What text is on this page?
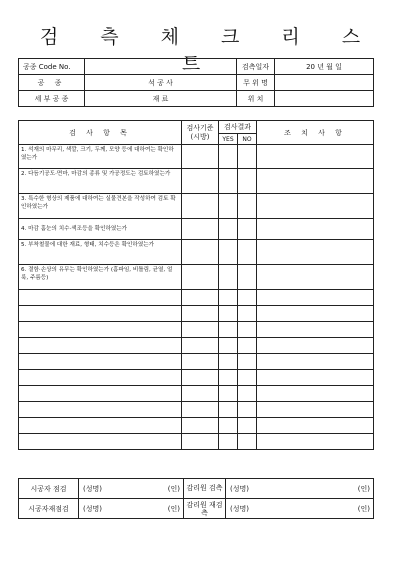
검 측 체 크 리 스 트
공종 Code No.		검측일자	20 년 월 일
공 종	석 공 사	무 위 명	
세 부 공 종	재 료	위 치	
검 사 항 목	검사기준(시방)	검사결과		조 치 사 항
		YES	NO	
1. 석재의 마무리, 색깔, 크기, 두께, 모양 등에 대하여는 확인하였는가				
2. 다듬기공도·면마, 마감의 종류 및 가공정도는 검토하였는가				
3. 특수한 형상의 제품에 대하여는 실물견본을 작성하여 검토 확인하였는가				
4. 마감 홈눈의 치수·색조등을 확인하였는가				
5. 부착철물에 대한 재료, 형태, 치수등은 확인하였는가				
6. 결함·손상의 유무는 확인하였는가 (흠파임, 비틀림, 균열, 얼룩, 주름등)				

시공자 점검	(성명)	(인)	감리원 검측	(성명)	(인)
시공자재점검	(성명)	(인)	감리원 재검측	(성명)	(인)
